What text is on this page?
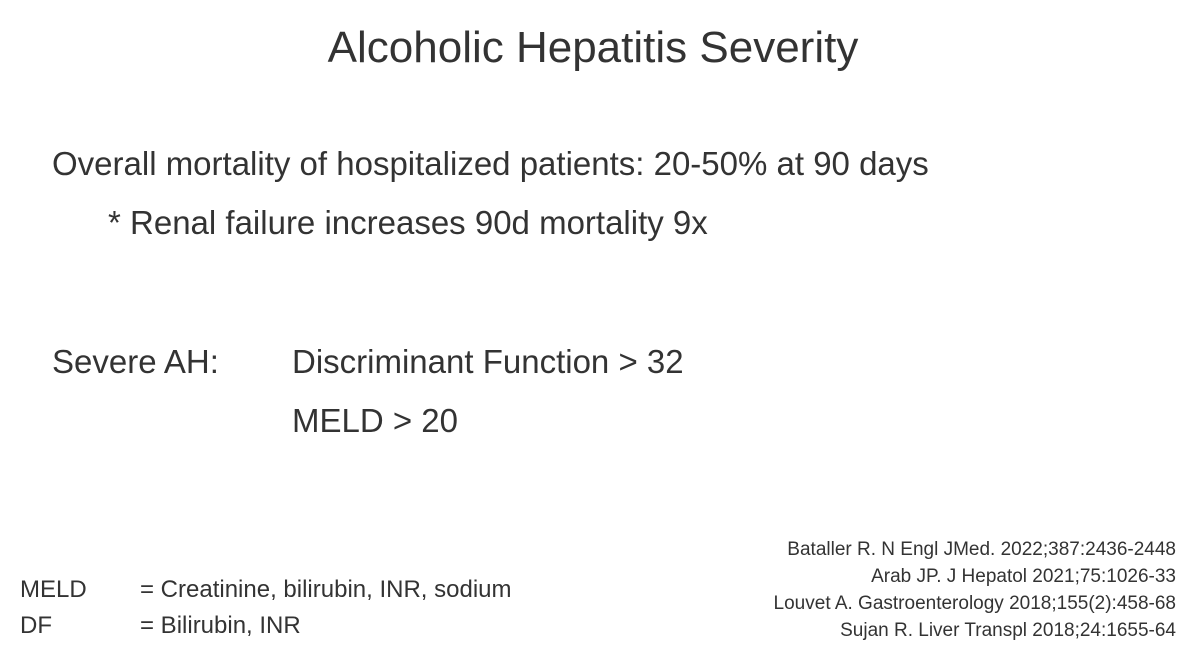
Alcoholic Hepatitis Severity
Overall mortality of hospitalized patients: 20-50% at 90 days
* Renal failure increases 90d mortality 9x
Severe AH: Discriminant Function > 32
MELD > 20
MELD = Creatinine, bilirubin, INR, sodium
DF	= Bilirubin, INR
Bataller R. N Engl JMed. 2022;387:2436-2448
Arab JP. J Hepatol 2021;75:1026-33
Louvet A. Gastroenterology 2018;155(2):458-68
Sujan R. Liver Transpl 2018;24:1655-64
